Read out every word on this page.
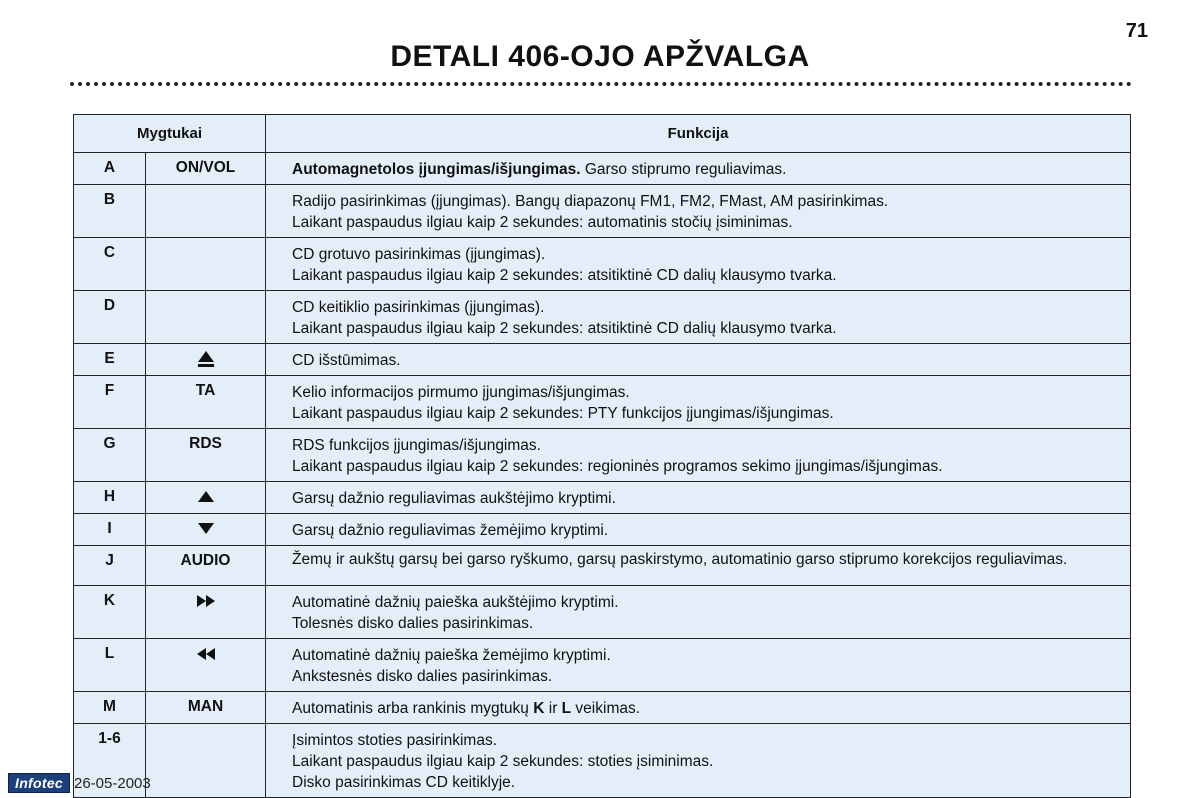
71
DETALI 406-OJO APŽVALGA
Mygtukai		Funkcija
A	ON/VOL	Automagnetolos įjungimas/išjungimas. Garso stiprumo reguliavimas.

B		Radijo pasirinkimas (įjungimas). Bangų diapazonų FM1, FM2, FMast, AM pasirinkimas.
Laikant paspaudus ilgiau kaip 2 sekundes: automatinis stočių įsiminimas.

C		CD grotuvo pasirinkimas (įjungimas).
Laikant paspaudus ilgiau kaip 2 sekundes: atsitiktinė CD dalių klausymo tvarka.

D		CD keitiklio pasirinkimas (įjungimas).
Laikant paspaudus ilgiau kaip 2 sekundes: atsitiktinė CD dalių klausymo tvarka.

E		CD išstūmimas.

F	TA	Kelio informacijos pirmumo įjungimas/išjungimas.
Laikant paspaudus ilgiau kaip 2 sekundes: PTY funkcijos įjungimas/išjungimas.

G	RDS	RDS funkcijos įjungimas/išjungimas.
Laikant paspaudus ilgiau kaip 2 sekundes: regioninės programos sekimo įjungimas/išjungimas.

H		Garsų dažnio reguliavimas aukštėjimo kryptimi.

I		Garsų dažnio reguliavimas žemėjimo kryptimi.

J	AUDIO	Žemų ir aukštų garsų bei garso ryškumo, garsų paskirstymo, automatinio garso stiprumo korekcijos reguliavimas.

K		Automatinė dažnių paieška aukštėjimo kryptimi.
Tolesnės disko dalies pasirinkimas.

L		Automatinė dažnių paieška žemėjimo kryptimi.
Ankstesnės disko dalies pasirinkimas.

M	MAN	Automatinis arba rankinis mygtukų K ir L veikimas.

1-6		Įsimintos stoties pasirinkimas.
Laikant paspaudus ilgiau kaip 2 sekundes: stoties įsiminimas.
Disko pasirinkimas CD keitiklyje.
Infotec 26-05-2003
